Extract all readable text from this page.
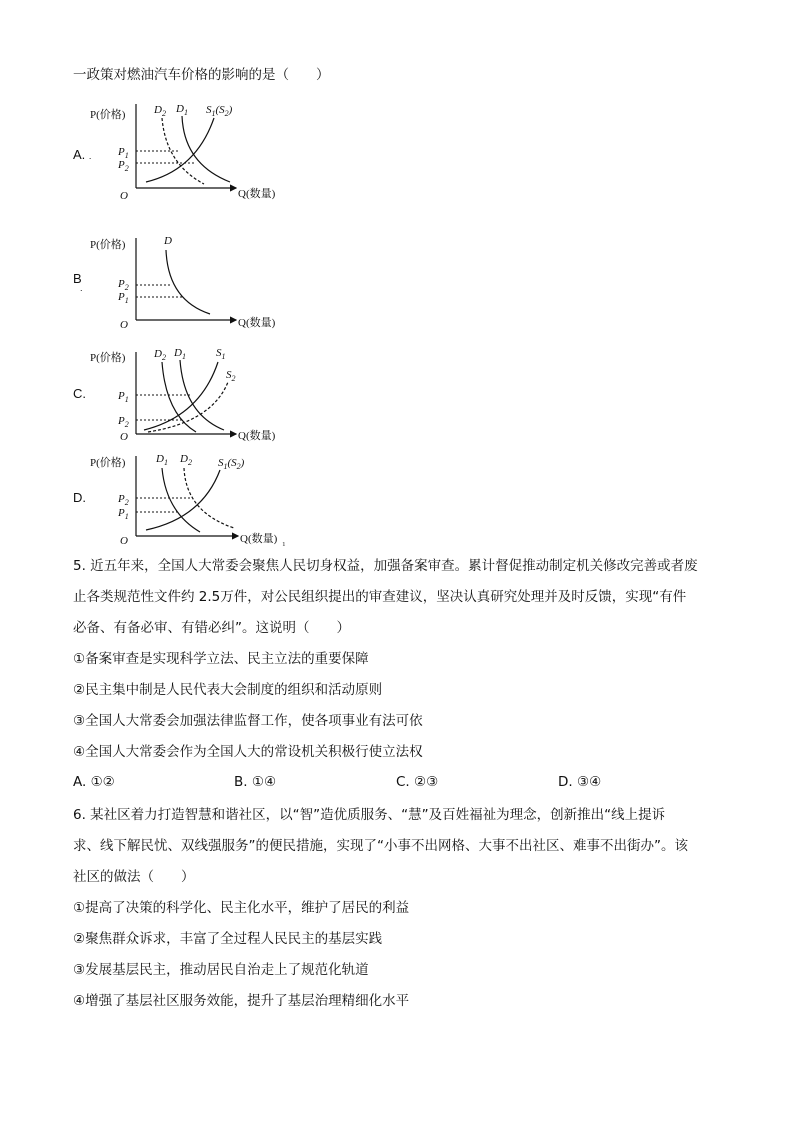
一政策对燃油汽车价格的影响的是（　　）
A. .
P(价格)
Q(数量)
O
$P_1$
$P_2$
$D_2$ $D_1$ $S_1(S_2)$
B
.
P(价格)
Q(数量)
O
$P_2$
$P_1$
D
C.
P(价格)
Q(数量)
O
$P_1$
$P_2$
$D_2$ $D_1$	$S_1$
$S_2$
D.
P(价格)
Q(数量) ₁
O
$P_2$
$P_1$
$D_1$ $D_2$ $S_1(S_2)$
5. 近五年来，全国人大常委会聚焦人民切身权益，加强备案审查。累计督促推动制定机关修改完善或者废
止各类规范性文件约 2.5万件，对公民组织提出的审查建议，坚决认真研究处理并及时反馈，实现“有件
必备、有备必审、有错必纠”。这说明（　　）
①备案审查是实现科学立法、民主立法的重要保障
②民主集中制是人民代表大会制度的组织和活动原则
③全国人大常委会加强法律监督工作，使各项事业有法可依
④全国人大常委会作为全国人大的常设机关积极行使立法权
A. ①②	B. ①④	C. ②③	D. ③④
6. 某社区着力打造智慧和谐社区，以“智”造优质服务、“慧”及百姓福祉为理念，创新推出“线上提诉
求、线下解民忧、双线强服务”的便民措施，实现了“小事不出网格、大事不出社区、难事不出街办”。该
社区的做法（　　）
①提高了决策的科学化、民主化水平，维护了居民的利益
②聚焦群众诉求，丰富了全过程人民民主的基层实践
③发展基层民主，推动居民自治走上了规范化轨道
④增强了基层社区服务效能，提升了基层治理精细化水平
